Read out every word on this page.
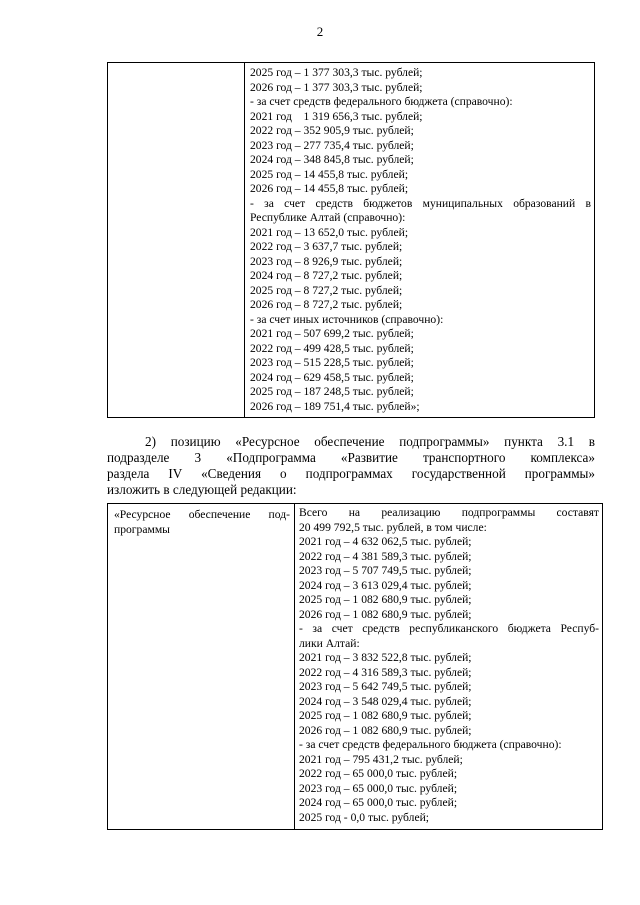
2

2025 год – 1 377 303,3 тыс. рублей;
2026 год – 1 377 303,3 тыс. рублей;
- за счет средств федерального бюджета (справочно):
2021 год    1 319 656,3 тыс. рублей;
2022 год – 352 905,9 тыс. рублей;
2023 год – 277 735,4 тыс. рублей;
2024 год – 348 845,8 тыс. рублей;
2025 год – 14 455,8 тыс. рублей;
2026 год – 14 455,8 тыс. рублей;
- за счет средств бюджетов муниципальных образований в
Республике Алтай (справочно):
2021 год – 13 652,0 тыс. рублей;
2022 год – 3 637,7 тыс. рублей;
2023 год – 8 926,9 тыс. рублей;
2024 год – 8 727,2 тыс. рублей;
2025 год – 8 727,2 тыс. рублей;
2026 год – 8 727,2 тыс. рублей;
- за счет иных источников (справочно):
2021 год – 507 699,2 тыс. рублей;
2022 год – 499 428,5 тыс. рублей;
2023 год – 515 228,5 тыс. рублей;
2024 год – 629 458,5 тыс. рублей;
2025 год – 187 248,5 тыс. рублей;
2026 год – 189 751,4 тыс. рублей»;
2) позицию «Ресурсное обеспечение подпрограммы» пункта 3.1 в
подразделе 3 «Подпрограмма «Развитие транспортного комплекса»
раздела IV «Сведения о подпрограммах государственной программы»
изложить в следующей редакции:
«Ресурсное обеспечение под-
программы

Всего на реализацию подпрограммы составят
20 499 792,5 тыс. рублей, в том числе:
2021 год – 4 632 062,5 тыс. рублей;
2022 год – 4 381 589,3 тыс. рублей;
2023 год – 5 707 749,5 тыс. рублей;
2024 год – 3 613 029,4 тыс. рублей;
2025 год – 1 082 680,9 тыс. рублей;
2026 год – 1 082 680,9 тыс. рублей;
- за счет средств республиканского бюджета Респуб-
лики Алтай:
2021 год – 3 832 522,8 тыс. рублей;
2022 год – 4 316 589,3 тыс. рублей;
2023 год – 5 642 749,5 тыс. рублей;
2024 год – 3 548 029,4 тыс. рублей;
2025 год – 1 082 680,9 тыс. рублей;
2026 год – 1 082 680,9 тыс. рублей;
- за счет средств федерального бюджета (справочно):
2021 год – 795 431,2 тыс. рублей;
2022 год – 65 000,0 тыс. рублей;
2023 год – 65 000,0 тыс. рублей;
2024 год – 65 000,0 тыс. рублей;
2025 год - 0,0 тыс. рублей;
